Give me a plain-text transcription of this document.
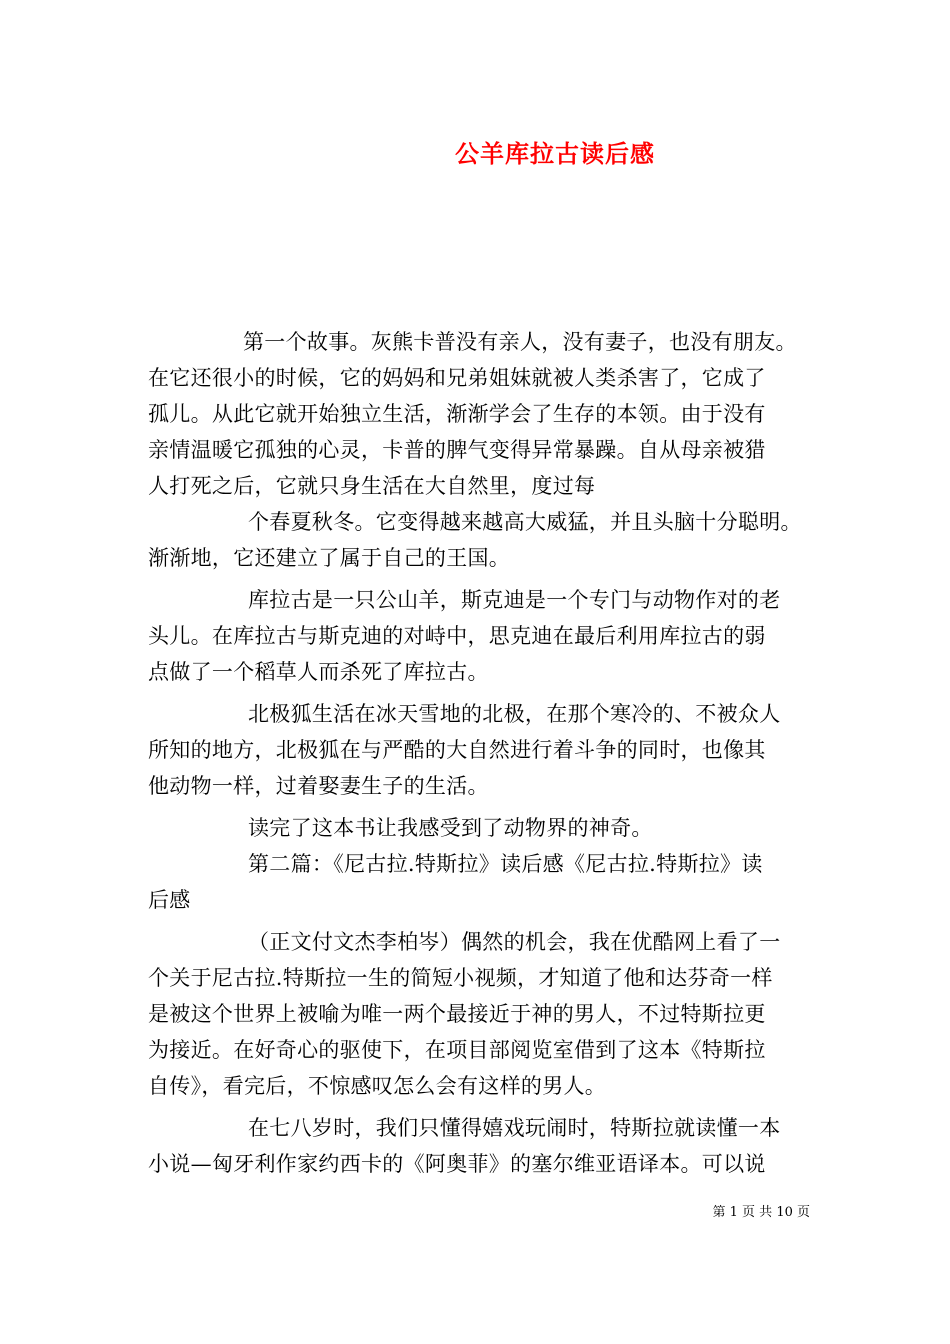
公羊库拉古读后感
第一个故事。灰熊卡普没有亲人，没有妻子，也没有朋友。
在它还很小的时候，它的妈妈和兄弟姐妹就被人类杀害了，它成了
孤儿。从此它就开始独立生活，渐渐学会了生存的本领。由于没有
亲情温暖它孤独的心灵，卡普的脾气变得异常暴躁。自从母亲被猎
人打死之后，它就只身生活在大自然里，度过每
个春夏秋冬。它变得越来越高大威猛，并且头脑十分聪明。
渐渐地，它还建立了属于自己的王国。
库拉古是一只公山羊，斯克迪是一个专门与动物作对的老
头儿。在库拉古与斯克迪的对峙中，思克迪在最后利用库拉古的弱
点做了一个稻草人而杀死了库拉古。
北极狐生活在冰天雪地的北极，在那个寒冷的、不被众人
所知的地方，北极狐在与严酷的大自然进行着斗争的同时，也像其
他动物一样，过着娶妻生子的生活。
读完了这本书让我感受到了动物界的神奇。
第二篇：《尼古拉.特斯拉》读后感《尼古拉.特斯拉》读
后感
（正文付文杰李柏岑）偶然的机会，我在优酷网上看了一
个关于尼古拉.特斯拉一生的简短小视频，才知道了他和达芬奇一样
是被这个世界上被喻为唯一两个最接近于神的男人，不过特斯拉更
为接近。在好奇心的驱使下，在项目部阅览室借到了这本《特斯拉
自传》，看完后，不惊感叹怎么会有这样的男人。
在七八岁时，我们只懂得嬉戏玩闹时，特斯拉就读懂一本
小说—匈牙利作家约西卡的《阿奥菲》的塞尔维亚语译本。可以说
第 1 页 共 10 页
